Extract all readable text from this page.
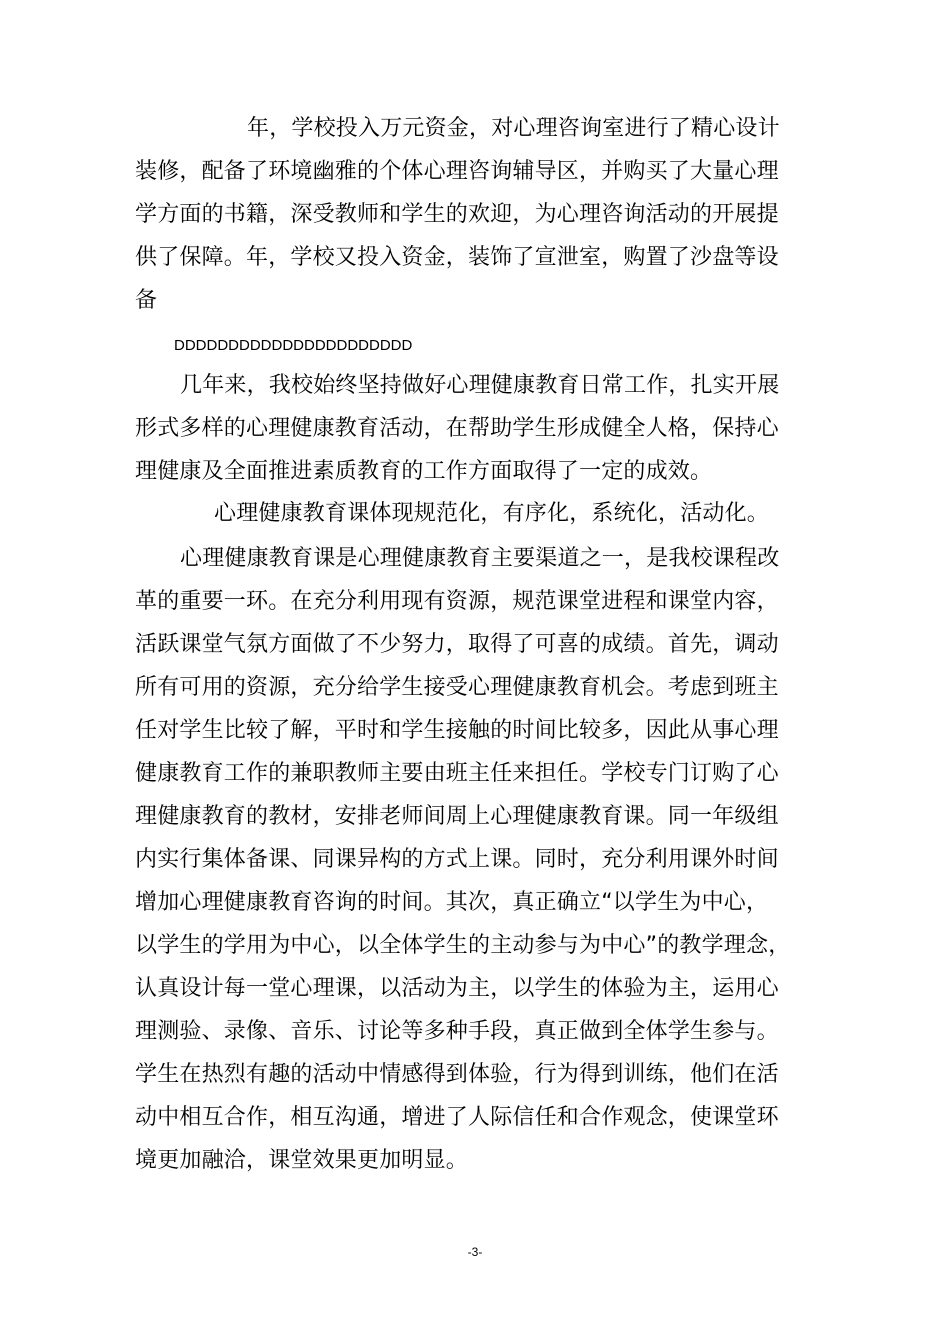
年，学校投入万元资金，对心理咨询室进行了精心设计
装修，配备了环境幽雅的个体心理咨询辅导区，并购买了大量心理
学方面的书籍，深受教师和学生的欢迎，为心理咨询活动的开展提
供了保障。年，学校又投入资金，装饰了宣泄室，购置了沙盘等设
备
DDDDDDDDDDDDDDDDDDDDDD
几年来，我校始终坚持做好心理健康教育日常工作，扎实开展
形式多样的心理健康教育活动，在帮助学生形成健全人格，保持心
理健康及全面推进素质教育的工作方面取得了一定的成效。
心理健康教育课体现规范化，有序化，系统化，活动化。
心理健康教育课是心理健康教育主要渠道之一，是我校课程改
革的重要一环。在充分利用现有资源，规范课堂进程和课堂内容，
活跃课堂气氛方面做了不少努力，取得了可喜的成绩。首先，调动
所有可用的资源，充分给学生接受心理健康教育机会。考虑到班主
任对学生比较了解，平时和学生接触的时间比较多，因此从事心理
健康教育工作的兼职教师主要由班主任来担任。学校专门订购了心
理健康教育的教材，安排老师间周上心理健康教育课。同一年级组
内实行集体备课、同课异构的方式上课。同时，充分利用课外时间
增加心理健康教育咨询的时间。其次，真正确立“以学生为中心，
以学生的学用为中心，以全体学生的主动参与为中心”的教学理念，
认真设计每一堂心理课，以活动为主，以学生的体验为主，运用心
理测验、录像、音乐、讨论等多种手段，真正做到全体学生参与。
学生在热烈有趣的活动中情感得到体验，行为得到训练，他们在活
动中相互合作，相互沟通，增进了人际信任和合作观念，使课堂环
境更加融洽，课堂效果更加明显。
-3-
